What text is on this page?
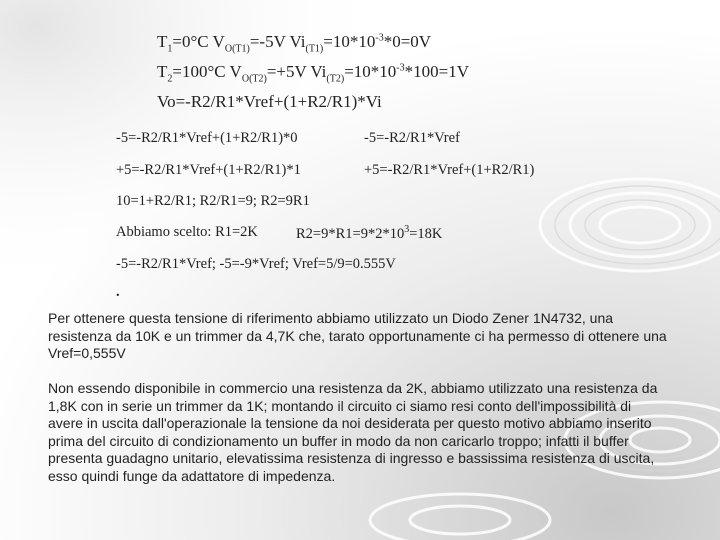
$T_1=0^\circ C$ $V_{O(T1)}=-5V$ $Vi_{(T1)}=10*10^{-3}*0=0V$
$T_2=100^\circ C$ $V_{O(T2)}=+5V$ $Vi_{(T2)}=10*10^{-3}*100=1V$
Vo=-R2/R1*Vref+(1+R2/R1)*Vi
-5=-R2/R1*Vref+(1+R2/R1)*0	-5=-R2/R1*Vref
+5=-R2/R1*Vref+(1+R2/R1)*1	+5=-R2/R1*Vref+(1+R2/R1)
10=1+R2/R1; R2/R1=9; R2=9R1
Abbiamo scelto: R1=2K	$R2=9*R1=9*2*10^3=18K$
-5=-R2/R1*Vref; -5=-9*Vref; Vref=5/9=0.555V
.
Per ottenere questa tensione di riferimento abbiamo utilizzato un Diodo Zener 1N4732, una resistenza da 10K e un trimmer da 4,7K che, tarato opportunamente ci ha permesso di ottenere una Vref=0,555V
Non essendo disponibile in commercio una resistenza da 2K, abbiamo utilizzato una resistenza da 1,8K con in serie un trimmer da 1K; montando il circuito ci siamo resi conto dell'impossibilità di avere in uscita dall'operazionale la tensione da noi desiderata per questo motivo abbiamo inserito prima del circuito di condizionamento un buffer in modo da non caricarlo troppo; infatti il buffer presenta guadagno unitario, elevatissima resistenza di ingresso e bassissima resistenza di uscita, esso quindi funge da adattatore di impedenza.
